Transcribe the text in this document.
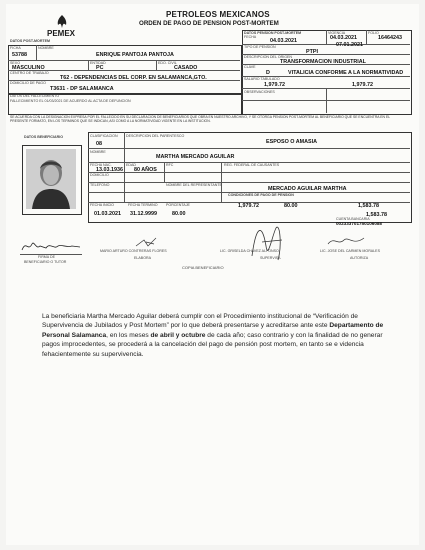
PEMEX
PETROLEOS MEXICANOS
ORDEN DE PAGO DE PENSION POST-MORTEM
DATOS POST-MORTEM
FICHA
53788
NOMBRE
ENRIQUE PANTOJA PANTOJA
SEXO
MASCULINO
ENTIDAD
PC
EDO. CIVIL
CASADO
CENTRO DE TRABAJO
T62 - DEPENDENCIAS DEL CORP. EN SALAMANCA,GTO.
DOMICILIO DE PAGO
T3631 - DP SALAMANCA
DATOS DEL FALLECIMIENTO
FALLECIMIENTO EL 01/03/2021 DE ACUERDO AL ACTA DE DEFUNCION
DATOS PENSION POST-MORTEM
FECHA
04.03.2021
VIGENCIA
04.03.2021
07.01.2021
FOLIO
16464243
TIPO DE PENSION
PTPI
DESCRIPCION DEL ORIGEN
TRANSFORMACION INDUSTRIAL
CLAVE
D	VITALICIA CONFORME A LA NORMATIVIDAD
SALARIO TABULADO
1,979.72	1,979.72
OBSERVACIONES
SE ACUERDA CON LA DESIGNACION EXPRESA POR EL FALLECIDO EN SU DECLARACION DE BENEFICIARIOS QUE OBRA EN NUESTRO ARCHIVO, Y SE OTORGA PENSION POST-MORTEM AL BENEFICIARIO QUE SE ENCUENTRA EN EL PRESENTE FORMATO, EN LOS TERMINOS QUE SE INDICAN, ASI COMO A LA NORMATIVIDAD VIGENTE EN LA INSTITUCION.
DATOS BENEFICIARIO	CLASIFICACION
08
DESCRIPCION DEL PARENTESCO
ESPOSO O AMASIA
NOMBRE
MARTHA MERCADO AGUILAR
FECHA NAC.
13.03.1936
EDAD
80 AÑOS
RFC	REG. FEDERAL DE CAUSANTES
DOMICILIO
TELEFONO	NOMBRE DEL REPRESENTANTE
MERCADO AGUILAR MARTHA
CONDICIONES DE PAGO DE PENSION
FECHA INICIO
01.03.2021
FECHA TERMINO
31.12.9999
PORCENTAJE
80.00
1,979.72	80.00	1,583.78
1,583.78
CUENTA BANCARIA
002333701750106088
FIRMA DE
BENEFICIARIO O TUTOR
MARIO ARTURO CONTRERAS FLORES
ELABORA
LIC. GRISELDA CHAVEZ ALFONSO
SUPERVISA
LIC. JOSE DEL CARMEN MORALES
AUTORIZA
COPIA BENEFICIARIO
La beneficiaria Martha Mercado Aguilar deberá cumplir con el Procedimiento institucional de “Verificación de Supervivencia de Jubilados y Post Mortem” por lo que deberá presentarse y acreditarse ante este Departamento de Personal Salamanca, en los meses de abril y octubre de cada año; caso contrario y con la finalidad de no generar pagos improcedentes, se procederá a la cancelación del pago de pensión post mortem, en tanto se e videncia fehacientemente su supervivencia.
